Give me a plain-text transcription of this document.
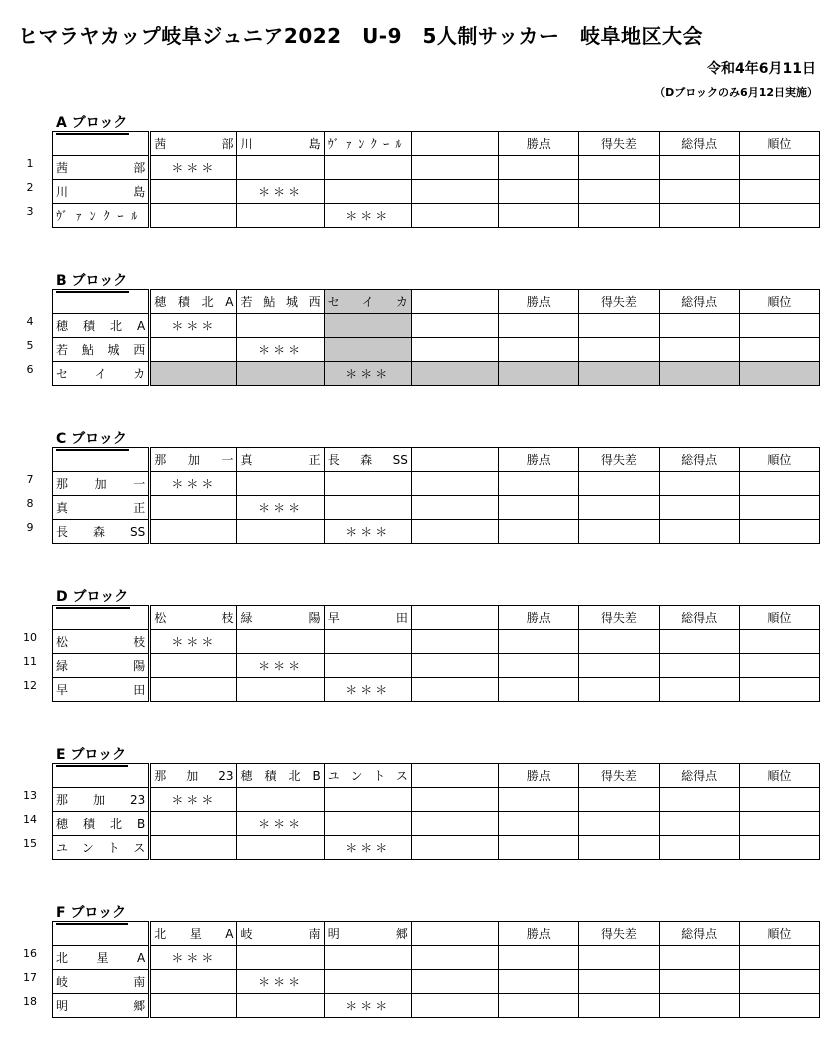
ヒマラヤカップ岐阜ジュニア2022　U-9　5人制サッカー　岐阜地区大会
令和4年6月11日
（Dブロックのみ6月12日実施）
A ブロック
1
2
3
	茜　　部	川　　島	ｳﾞｧﾝｸｰﾙ		勝点	得失差	総得点	順位
茜　　部	＊＊＊							
川　　島		＊＊＊						
ｳﾞｧﾝｸｰﾙ			＊＊＊					
B ブロック
4
5
6
	穂積北A	若鮎城西	セイカ		勝点	得失差	総得点	順位
穂積北A	＊＊＊							
若鮎城西		＊＊＊						
セイカ			＊＊＊					
C ブロック
7
8
9
	那　加　一	真　　正	長　森　SS		勝点	得失差	総得点	順位
那　加　一	＊＊＊							
真　　正		＊＊＊						
長　森　SS			＊＊＊					
D ブロック
10
11
12
	松　　枝	緑　　陽	早　　田		勝点	得失差	総得点	順位
松　　枝	＊＊＊							
緑　　陽		＊＊＊						
早　　田			＊＊＊					
E ブロック
13
14
15
	那　加　23	穂積北B	ユントス		勝点	得失差	総得点	順位
那　加　23	＊＊＊							
穂積北B		＊＊＊						
ユントス			＊＊＊					
F ブロック
16
17
18
	北　星　A	岐　　南	明　　郷		勝点	得失差	総得点	順位
北　星　A	＊＊＊							
岐　　南		＊＊＊						
明　　郷			＊＊＊					
